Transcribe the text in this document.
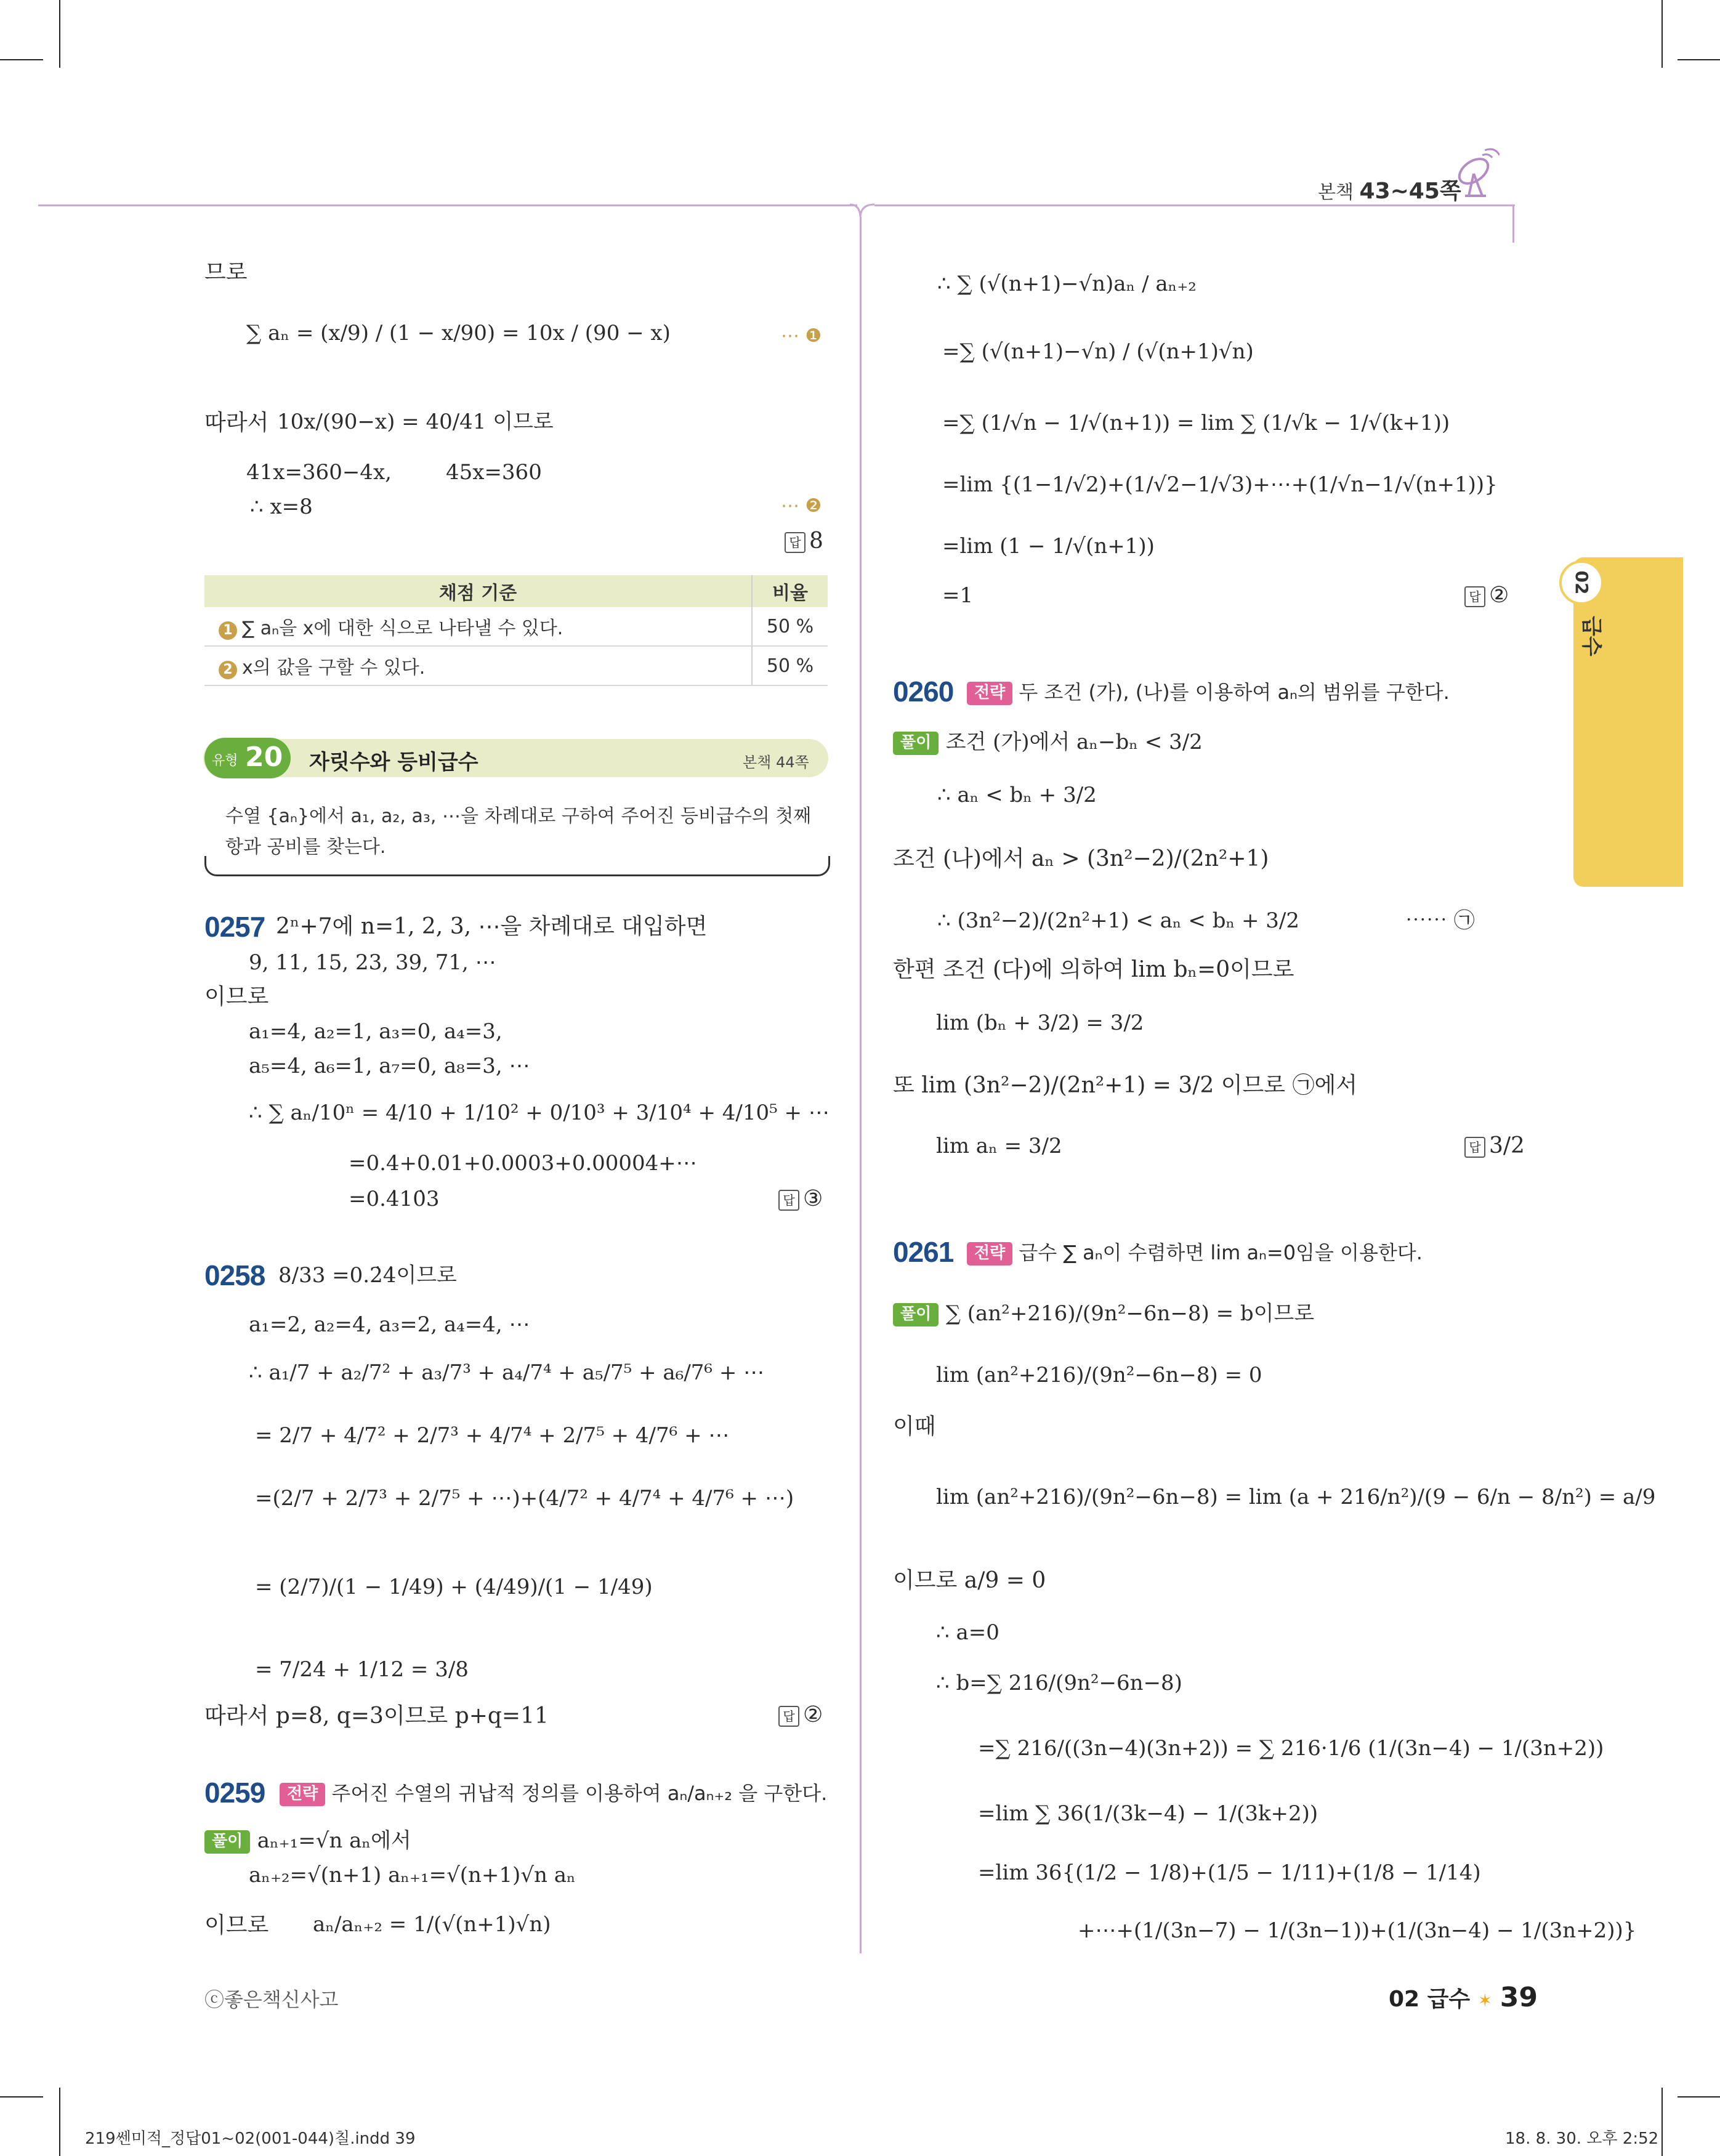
본책 43~45쪽
02
급수
므로
∑ aₙ = (x/9) / (1 − x/90) = 10x / (90 − x)	⋯ ❶
따라서 10x/(90−x) = 40/41 이므로
41x=360−4x,	45x=360
∴ x=8	⋯ ❷
답 8
채점 기준	비율
1 ∑ aₙ을 x에 대한 식으로 나타낼 수 있다.	50 %
2 x의 값을 구할 수 있다.	50 %
유형 20 자릿수와 등비급수	본책 44쪽
수열 {aₙ}에서 a₁, a₂, a₃, ⋯을 차례대로 구하여 주어진 등비급수의 첫째
항과 공비를 찾는다.
0257 2ⁿ+7에 n=1, 2, 3, ⋯을 차례대로 대입하면
9, 11, 15, 23, 39, 71, ⋯
이므로
a₁=4, a₂=1, a₃=0, a₄=3,
a₅=4, a₆=1, a₇=0, a₈=3, ⋯
∴ ∑ aₙ/10ⁿ = 4/10 + 1/10² + 0/10³ + 3/10⁴ + 4/10⁵ + ⋯
=0.4+0.01+0.0003+0.00004+⋯
=0.4̇10̇3	답 ③
0258 8/33 =0.2̇4̇이므로
a₁=2, a₂=4, a₃=2, a₄=4, ⋯
∴ a₁/7 + a₂/7² + a₃/7³ + a₄/7⁴ + a₅/7⁵ + a₆/7⁶ + ⋯
= 2/7 + 4/7² + 2/7³ + 4/7⁴ + 2/7⁵ + 4/7⁶ + ⋯
=(2/7 + 2/7³ + 2/7⁵ + ⋯)+(4/7² + 4/7⁴ + 4/7⁶ + ⋯)
= (2/7)/(1 − 1/49) + (4/49)/(1 − 1/49)
= 7/24 + 1/12 = 3/8
따라서 p=8, q=3이므로 p+q=11	답 ②
0259	전략 주어진 수열의 귀납적 정의를 이용하여 aₙ/aₙ₊₂ 을 구한다.
풀이 aₙ₊₁=√n aₙ에서
aₙ₊₂=√(n+1) aₙ₊₁=√(n+1)√n aₙ
이므로 aₙ/aₙ₊₂ = 1/(√(n+1)√n)
∴ ∑ (√(n+1)−√n)aₙ / aₙ₊₂
=∑ (√(n+1)−√n) / (√(n+1)√n)
=∑ (1/√n − 1/√(n+1)) = lim ∑ (1/√k − 1/√(k+1))
=lim {(1−1/√2)+(1/√2−1/√3)+⋯+(1/√n−1/√(n+1))}
=lim (1 − 1/√(n+1))
=1	답 ②
0260	전략 두 조건 (가), (나)를 이용하여 aₙ의 범위를 구한다.
풀이 조건 (가)에서 aₙ−bₙ < 3/2
∴ aₙ < bₙ + 3/2
조건 (나)에서 aₙ > (3n²−2)/(2n²+1)
∴ (3n²−2)/(2n²+1) < aₙ < bₙ + 3/2	⋯⋯ ㉠
한편 조건 (다)에 의하여 lim bₙ=0이므로
lim (bₙ + 3/2) = 3/2
또 lim (3n²−2)/(2n²+1) = 3/2 이므로 ㉠에서
lim aₙ = 3/2	답 3/2
0261	전략 급수 ∑ aₙ이 수렴하면 lim aₙ=0임을 이용한다.
풀이 ∑ (an²+216)/(9n²−6n−8) = b이므로
lim (an²+216)/(9n²−6n−8) = 0
이때
lim (an²+216)/(9n²−6n−8) = lim (a + 216/n²)/(9 − 6/n − 8/n²) = a/9
이므로 a/9 = 0
∴ a=0
∴ b=∑ 216/(9n²−6n−8)
=∑ 216/((3n−4)(3n+2)) = ∑ 216·1/6 (1/(3n−4) − 1/(3n+2))
=lim ∑ 36(1/(3k−4) − 1/(3k+2))
=lim 36{(1/2 − 1/8)+(1/5 − 1/11)+(1/8 − 1/14)
+⋯+(1/(3n−7) − 1/(3n−1))+(1/(3n−4) − 1/(3n+2))}
ⓒ좋은책신사고	02 급수 ✶ 39
219쎈미적_정답01~02(001-044)칠.indd 39	18. 8. 30. 오후 2:52
